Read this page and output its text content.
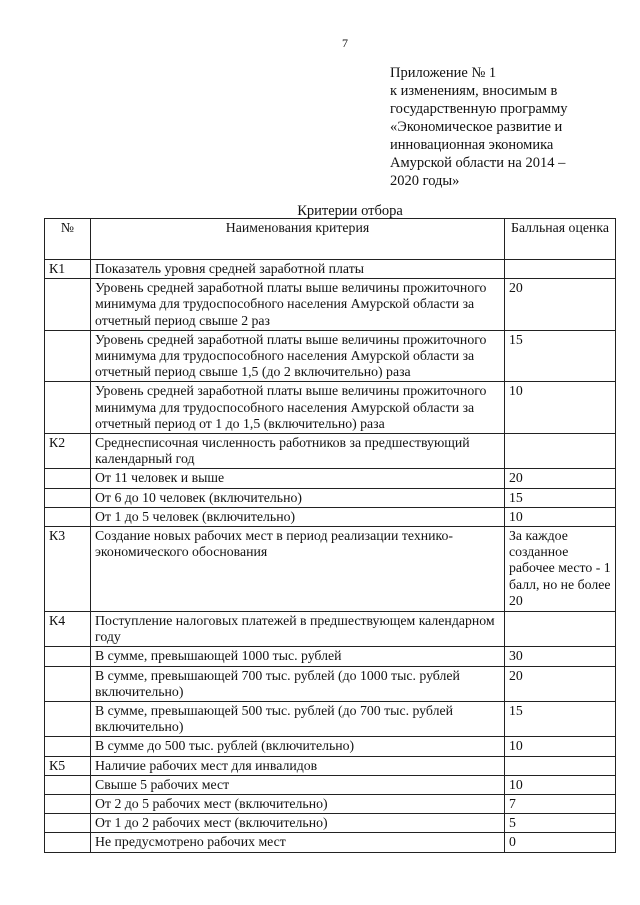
7
Приложение № 1
к изменениям, вносимым в
государственную программу
«Экономическое развитие и
инновационная экономика
Амурской области на 2014 –
2020 годы»
Критерии отбора
№	Наименования критерия	Балльная оценка
К1	Показатель уровня средней заработной платы	
	Уровень средней заработной платы выше величины прожиточного минимума для трудоспособного населения Амурской области за отчетный период свыше 2 раз	20
	Уровень средней заработной платы выше величины прожиточного минимума для трудоспособного населения Амурской области за отчетный период свыше 1,5 (до 2 включительно) раза	15
	Уровень средней заработной платы выше величины прожиточного минимума для трудоспособного населения Амурской области за отчетный период от 1 до 1,5 (включительно) раза	10
К2	Среднесписочная численность работников за предшествующий календарный год	
	От 11 человек и выше	20
	От 6 до 10 человек (включительно)	15
	От 1 до 5 человек (включительно)	10
К3	Создание новых рабочих мест в период реализации технико-экономического обоснования	За каждое созданное рабочее место - 1 балл, но не более 20
К4	Поступление налоговых платежей в предшествующем календарном году	
	В сумме, превышающей 1000 тыс. рублей	30
	В сумме, превышающей 700 тыс. рублей (до 1000 тыс. рублей включительно)	20
	В сумме, превышающей 500 тыс. рублей (до 700 тыс. рублей включительно)	15
	В сумме до 500 тыс. рублей (включительно)	10
К5	Наличие рабочих мест для инвалидов	
	Свыше 5 рабочих мест	10
	От 2 до 5 рабочих мест (включительно)	7
	От 1 до 2 рабочих мест (включительно)	5
	Не предусмотрено рабочих мест	0
